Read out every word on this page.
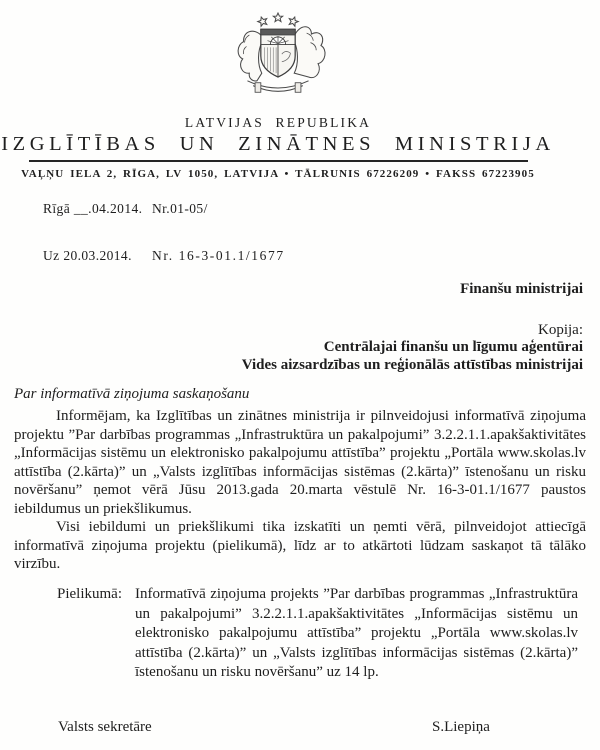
LATVIJAS REPUBLIKA
IZGLĪTĪBAS UN ZINĀTNES MINISTRIJA
VAĻŅU IELA 2, RĪGA, LV 1050, LATVIJA • TĀLRUNIS 67226209 • FAKSS 67223905
Rīgā __.04.2014. Nr.01-05/
Uz 20.03.2014. Nr. 16-3-01.1/1677
Finanšu ministrijai
Kopija:
Centrālajai finanšu un līgumu aģentūrai
Vides aizsardzības un reģionālās attīstības ministrijai
Par informatīvā ziņojuma saskaņošanu

Informējam, ka Izglītības un zinātnes ministrija ir pilnveidojusi informatīvā ziņojuma projektu ”Par darbības programmas „Infrastruktūra un pakalpojumi” 3.2.2.1.1.apakšaktivitātes „Informācijas sistēmu un elektronisko pakalpojumu attīstība” projektu „Portāla www.skolas.lv attīstība (2.kārta)” un „Valsts izglītības informācijas sistēmas (2.kārta)” īstenošanu un risku novēršanu” ņemot vērā Jūsu 2013.gada 20.marta vēstulē Nr. 16-3-01.1/1677 paustos iebildumus un priekšlikumus.

Visi iebildumi un priekšlikumi tika izskatīti un ņemti vērā, pilnveidojot attiecīgā informatīvā ziņojuma projektu (pielikumā), līdz ar to atkārtoti lūdzam saskaņot tā tālāko virzību.

Pielikumā: Informatīvā ziņojuma projekts ”Par darbības programmas „Infrastruktūra un pakalpojumi” 3.2.2.1.1.apakšaktivitātes „Informācijas sistēmu un elektronisko pakalpojumu attīstība” projektu „Portāla www.skolas.lv attīstība (2.kārta)” un „Valsts izglītības informācijas sistēmas (2.kārta)” īstenošanu un risku novēršanu” uz 14 lp.
Valsts sekretāre	S.Liepiņa
